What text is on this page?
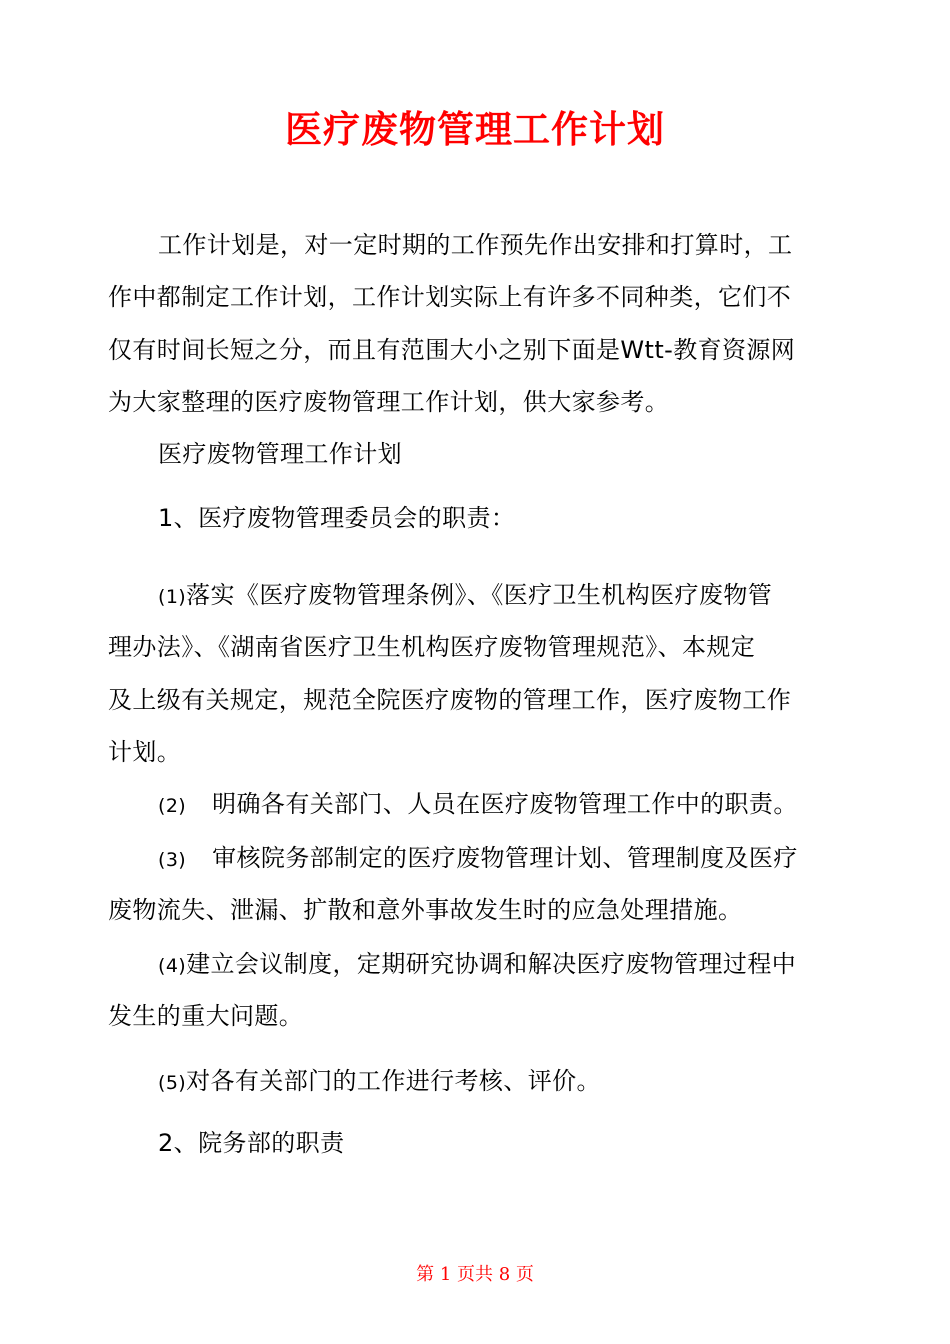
医疗废物管理工作计划
工作计划是，对一定时期的工作预先作出安排和打算时，工
作中都制定工作计划，工作计划实际上有许多不同种类，它们不
仅有时间长短之分，而且有范围大小之别下面是Wtt-教育资源网
为大家整理的医疗废物管理工作计划，供大家参考。
医疗废物管理工作计划
1、医疗废物管理委员会的职责：
(1)落实《医疗废物管理条例》、《医疗卫生机构医疗废物管
理办法》、《湖南省医疗卫生机构医疗废物管理规范》、本规定
及上级有关规定，规范全院医疗废物的管理工作，医疗废物工作
计划。
(2) 明确各有关部门、人员在医疗废物管理工作中的职责。
(3) 审核院务部制定的医疗废物管理计划、管理制度及医疗
废物流失、泄漏、扩散和意外事故发生时的应急处理措施。
(4)建立会议制度，定期研究协调和解决医疗废物管理过程中
发生的重大问题。
(5)对各有关部门的工作进行考核、评价。
2、院务部的职责
第 1 页共 8 页
